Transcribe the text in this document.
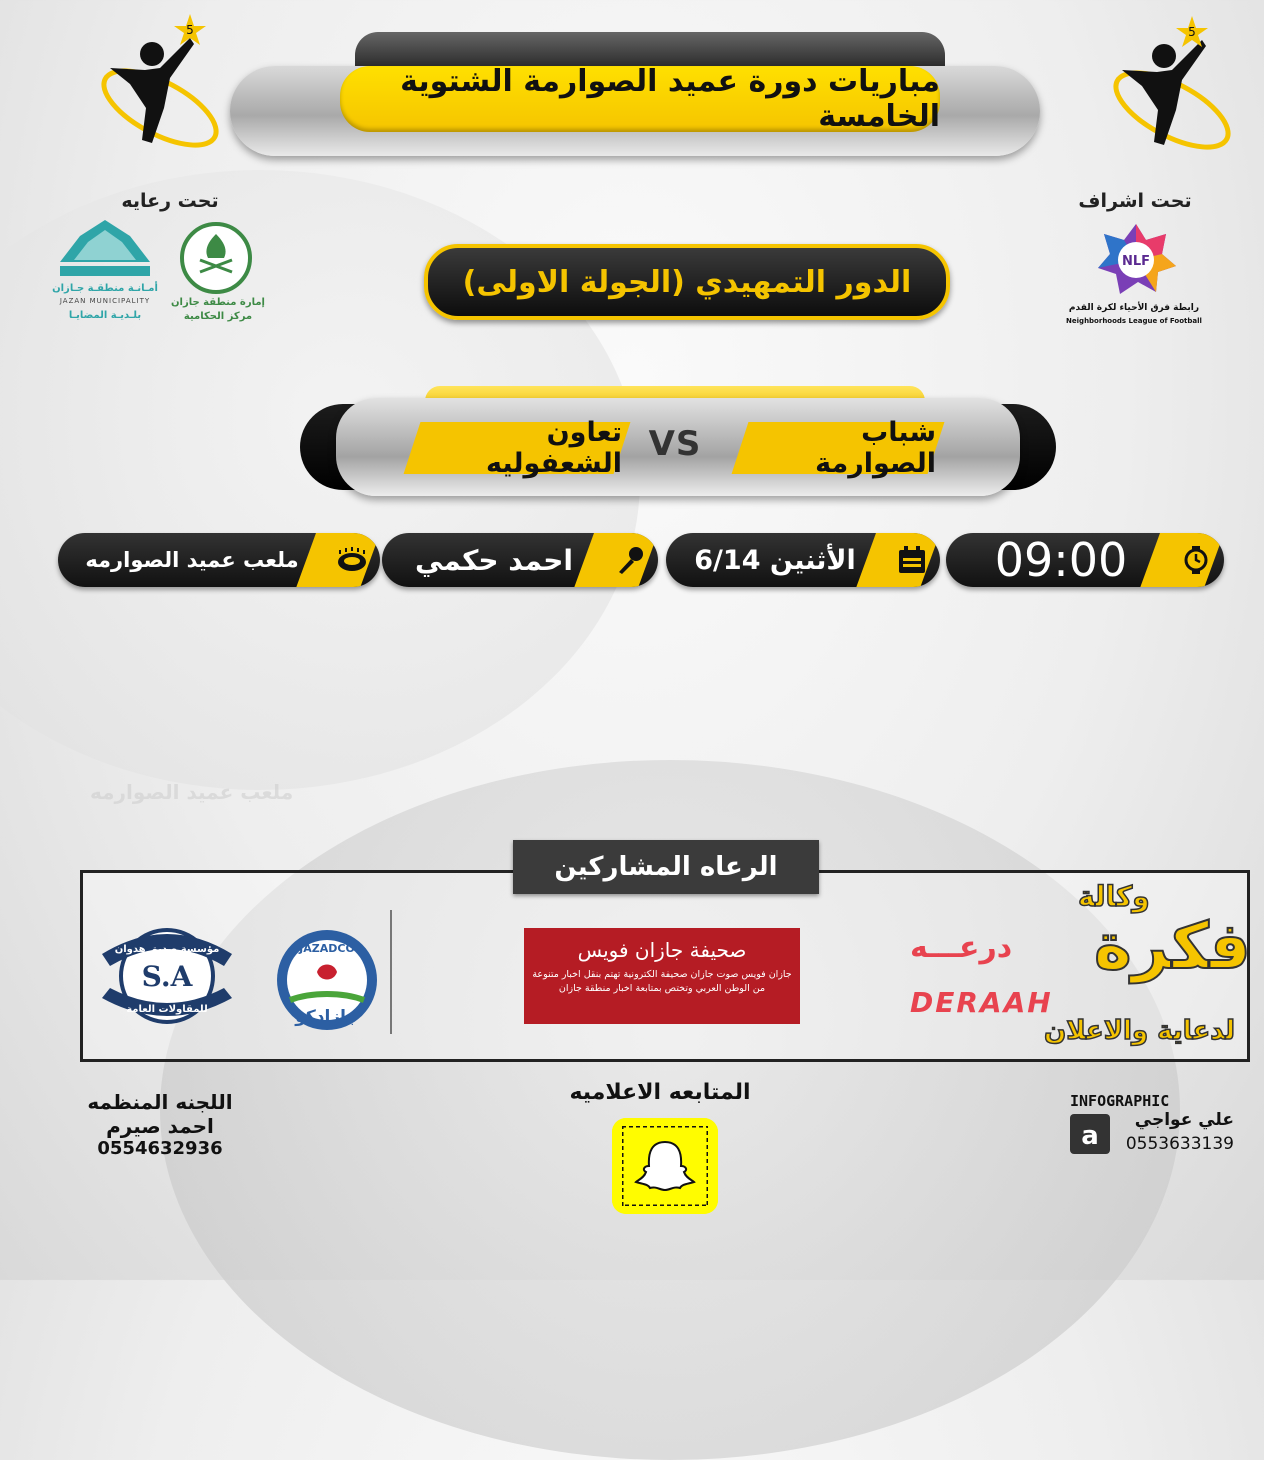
5	5
مباريات دورة عميد الصوارمة الشتوية الخامسة
تحت اشراف
NLF
رابطة فرق الأحياء لكرة القدم
Neighborhoods League of Football
تحت رعايه
إمارة منطقة جازان
مركز الحكامية
أمـانـة منطقـة جـازان
JAZAN MUNICIPALITY
بلـديـة المضايـا
الدور التمهيدي (الجولة الاولى)
شباب الصوارمة
VS
تعاون الشعفوليه
09:00
الأثنين 6/14
احمد حكمي
ملعب عميد الصوارمه
ملعب عميد الصوارمه
الرعاه المشاركين
وكالة
فكرة
لدعاية والاعلان
درعـــه
DERAAH
صحيفة جازان فويس
جازان فويس صوت جازان صحيفة الكترونية تهتم بنقل اخبار متنوعة من الوطن العربي وتختص بمتابعة اخبار منطقة جازان
JAZADCO
جازادكو
مؤسسة صديق هدوان
S.A
للمقاولات العامة
اللجنه المنظمه
احمد صيرم
0554632936
المتابعه الاعلاميه	INFOGRAPHIC
a
علي عواجي
0553633139
